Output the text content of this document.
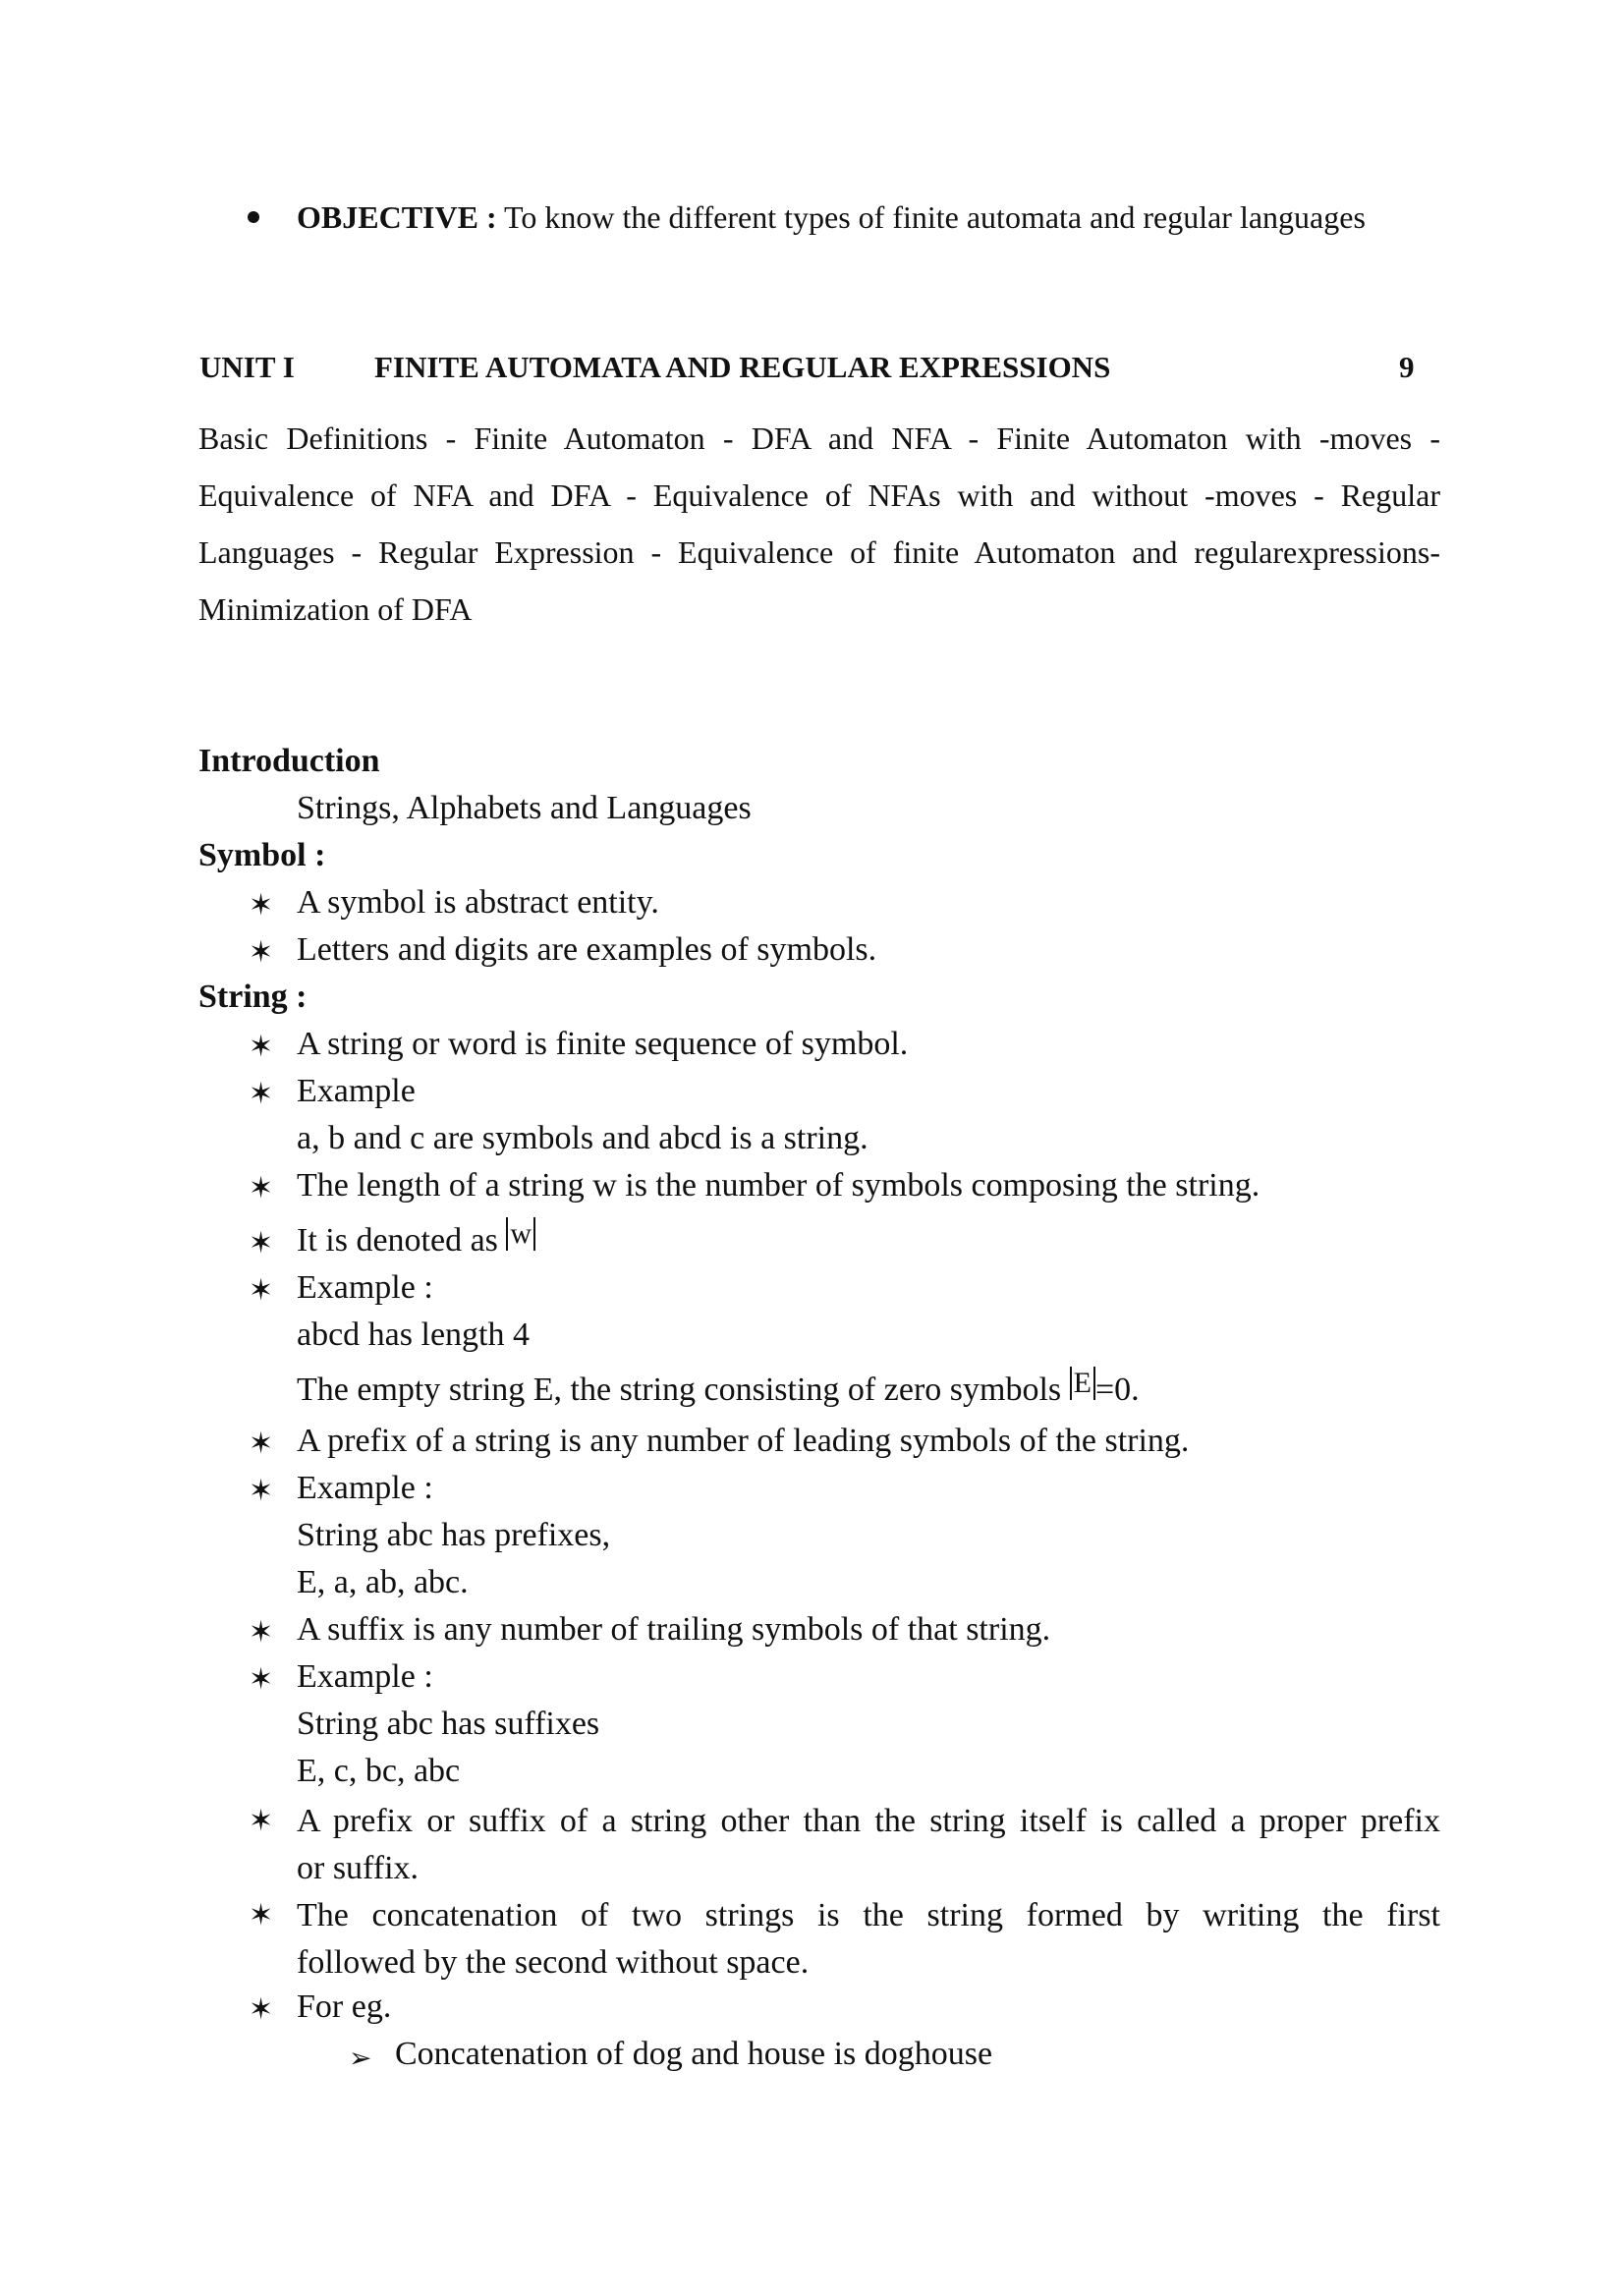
OBJECTIVE : To know the different types of finite automata and regular languages
UNIT I	FINITE AUTOMATA AND REGULAR EXPRESSIONS	9
Basic Definitions - Finite Automaton - DFA and NFA - Finite Automaton with -moves -
Equivalence of NFA and DFA - Equivalence of NFAs with and without -moves - Regular
Languages - Regular Expression - Equivalence of finite Automaton and regularexpressions-
Minimization of DFA
Introduction
Strings, Alphabets and Languages
Symbol :
✶
A symbol is abstract entity.
✶
Letters and digits are examples of symbols.
String :
✶
A string or word is finite sequence of symbol.
✶
Example
a, b and c are symbols and abcd is a string.
✶
The length of a string w is the number of symbols composing the string.
✶
It is denoted as w
✶
Example :
abcd has length 4
The empty string E, the string consisting of zero symbols E =0.
✶
A prefix of a string is any number of leading symbols of the string.
✶
Example :
String abc has prefixes,
E, a, ab, abc.
✶
A suffix is any number of trailing symbols of that string.
✶
Example :
String abc has suffixes
E, c, bc, abc
✶
A prefix or suffix of a string other than the string itself is called a proper prefix
or suffix.
✶
The concatenation of two strings is the string formed by writing the first
followed by the second without space.
✶
For eg.
➢
Concatenation of dog and house is doghouse
